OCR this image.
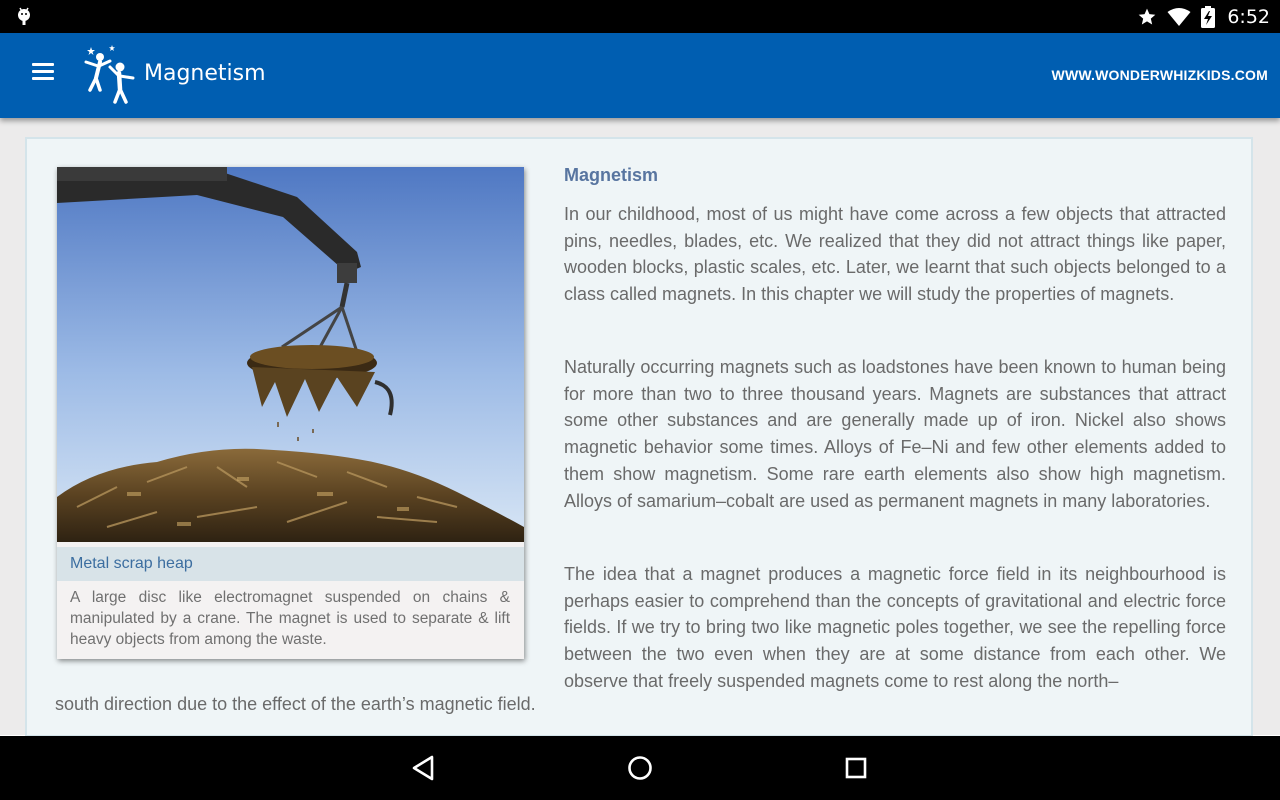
6:52
Magnetism	WWW.WONDERWHIZKIDS.COM
Metal scrap heap
A large disc like electromagnet suspended on chains & manipulated by a crane. The magnet is used to separate & lift heavy objects from among the waste.
Magnetism

In our childhood, most of us might have come across a few objects that attracted pins, needles, blades, etc. We realized that they did not attract things like paper, wooden blocks, plastic scales, etc. Later, we learnt that such objects belonged to a class called magnets. In this chapter we will study the properties of magnets.

Naturally occurring magnets such as loadstones have been known to human being for more than two to three thousand years. Magnets are substances that attract some other substances and are generally made up of iron. Nickel also shows magnetic behavior some times. Alloys of Fe–Ni and few other elements added to them show magnetism. Some rare earth elements also show high magnetism. Alloys of samarium–cobalt are used as permanent magnets in many laboratories.

The idea that a magnet produces a magnetic force field in its neighbourhood is perhaps easier to comprehend than the concepts of gravitational and electric force fields. If we try to bring two like magnetic poles together, we see the repelling force between the two even when they are at some distance from each other. We observe that freely suspended magnets come to rest along the north–

south direction due to the effect of the earth’s magnetic field.
